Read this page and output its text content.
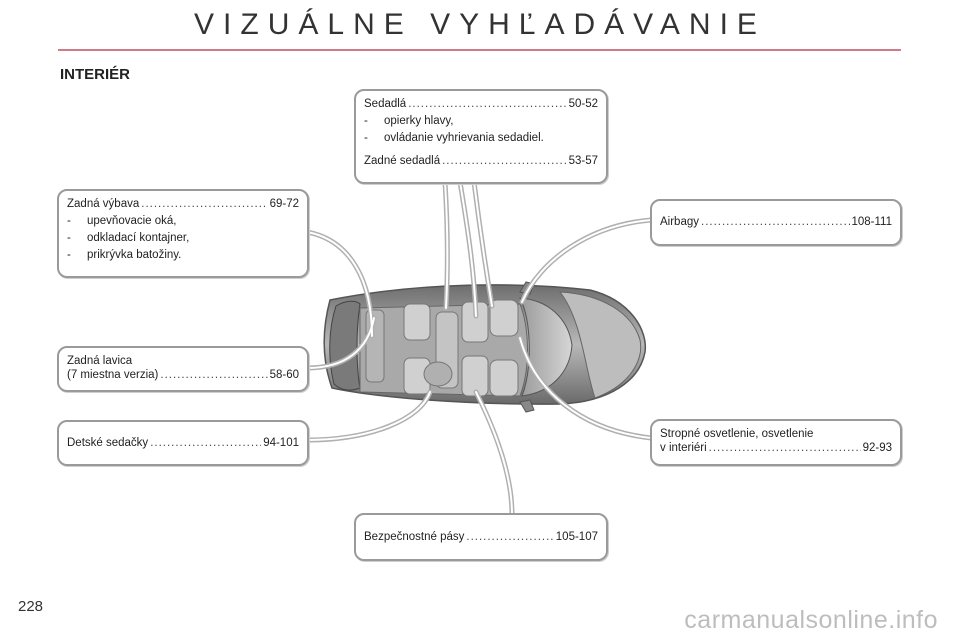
VIZUÁLNE VYHĽADÁVANIE
INTERIÉR
Sedadlá .....	50-52
-	opierky hlavy,
-	ovládanie vyhrievania sedadiel.
Zadné sedadlá .....	53-57
Zadná výbava .....	69-72
-	upevňovacie oká,
-	odkladací kontajner,
-	prikrývka batožiny.
Airbagy .....	108-111
Zadná lavica
(7 miestna verzia) .....	58-60
Detské sedačky .....	94-101
Stropné osvetlenie, osvetlenie
v interiéri .....	92-93
Bezpečnostné pásy .....	105-107
228	carmanualsonline.info
